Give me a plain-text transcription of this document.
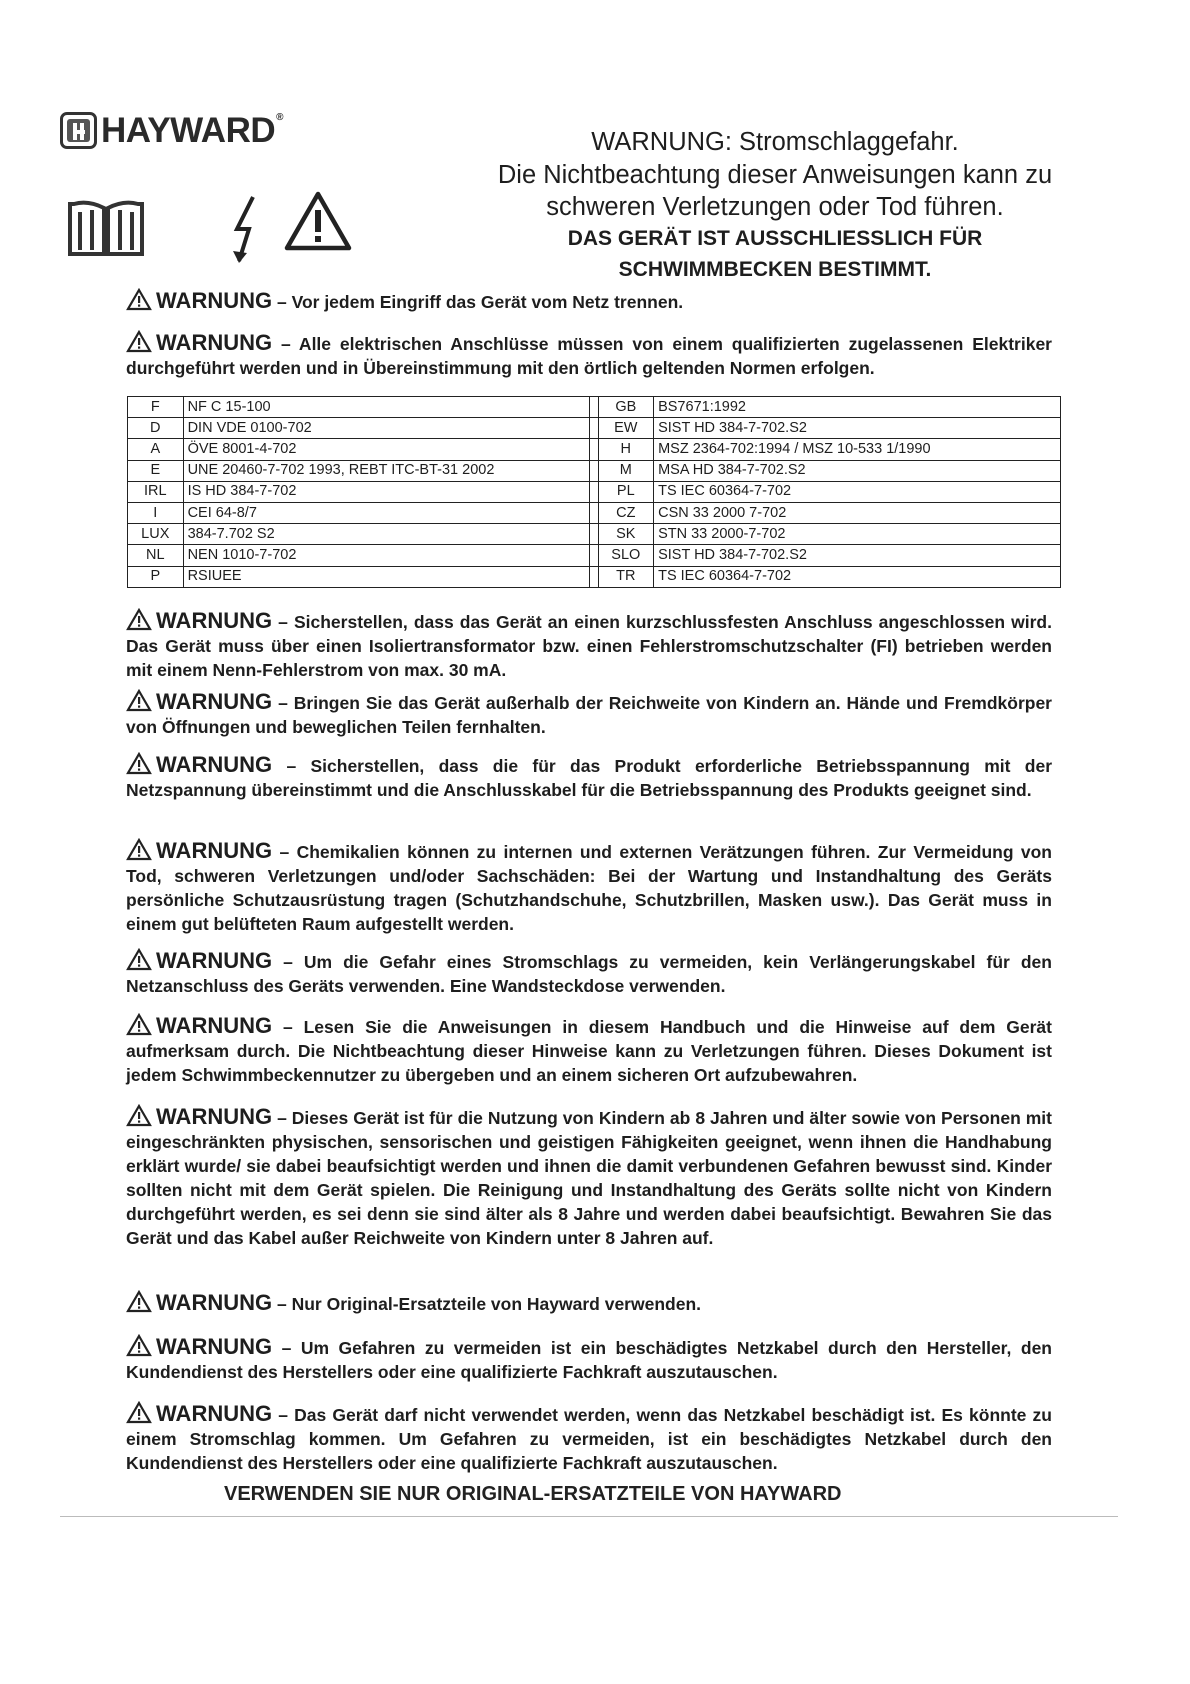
HAYWARD®
WARNUNG: Stromschlaggefahr.
Die Nichtbeachtung dieser Anweisungen kann zu
schweren Verletzungen oder Tod führen.
DAS GERÄT IST AUSSCHLIESSLICH FÜR
SCHWIMMBECKEN BESTIMMT.
WARNUNG – Vor jedem Eingriff das Gerät vom Netz trennen.
WARNUNG – Alle elektrischen Anschlüsse müssen von einem qualifizierten zugelassenen Elektriker durchgeführt werden und in Übereinstimmung mit den örtlich geltenden Normen erfolgen.
F	NF C 15-100		GB	BS7671:1992
D	DIN VDE 0100-702		EW	SIST HD 384-7-702.S2
A	ÖVE 8001-4-702		H	MSZ 2364-702:1994 / MSZ 10-533 1/1990
E	UNE 20460-7-702 1993, REBT ITC-BT-31 2002		M	MSA HD 384-7-702.S2
IRL	IS HD 384-7-702		PL	TS IEC 60364-7-702
I	CEI 64-8/7		CZ	CSN 33 2000 7-702
LUX	384-7.702 S2		SK	STN 33 2000-7-702
NL	NEN 1010-7-702		SLO	SIST HD 384-7-702.S2
P	RSIUEE		TR	TS IEC 60364-7-702
WARNUNG – Sicherstellen, dass das Gerät an einen kurzschlussfesten Anschluss angeschlossen wird. Das Gerät muss über einen Isoliertransformator bzw. einen Fehlerstromschutzschalter (FI) betrieben werden mit einem Nenn-Fehlerstrom von max. 30 mA.
WARNUNG – Bringen Sie das Gerät außerhalb der Reichweite von Kindern an. Hände und Fremdkörper von Öffnungen und beweglichen Teilen fernhalten.
WARNUNG – Sicherstellen, dass die für das Produkt erforderliche Betriebsspannung mit der Netzspannung übereinstimmt und die Anschlusskabel für die Betriebsspannung des Produkts geeignet sind.
WARNUNG – Chemikalien können zu internen und externen Verätzungen führen. Zur Vermeidung von Tod, schweren Verletzungen und/oder Sachschäden: Bei der Wartung und Instandhaltung des Geräts persönliche Schutzausrüstung tragen (Schutzhandschuhe, Schutzbrillen, Masken usw.). Das Gerät muss in einem gut belüfteten Raum aufgestellt werden.
WARNUNG – Um die Gefahr eines Stromschlags zu vermeiden, kein Verlängerungskabel für den Netzanschluss des Geräts verwenden. Eine Wandsteckdose verwenden.
WARNUNG – Lesen Sie die Anweisungen in diesem Handbuch und die Hinweise auf dem Gerät aufmerksam durch. Die Nichtbeachtung dieser Hinweise kann zu Verletzungen führen. Dieses Dokument ist jedem Schwimmbeckennutzer zu übergeben und an einem sicheren Ort aufzubewahren.
WARNUNG – Dieses Gerät ist für die Nutzung von Kindern ab 8 Jahren und älter sowie von Personen mit eingeschränkten physischen, sensorischen und geistigen Fähigkeiten geeignet, wenn ihnen die Handhabung erklärt wurde/ sie dabei beaufsichtigt werden und ihnen die damit verbundenen Gefahren bewusst sind. Kinder sollten nicht mit dem Gerät spielen. Die Reinigung und Instandhaltung des Geräts sollte nicht von Kindern durchgeführt werden, es sei denn sie sind älter als 8 Jahre und werden dabei beaufsichtigt. Bewahren Sie das Gerät und das Kabel außer Reichweite von Kindern unter 8 Jahren auf.
WARNUNG – Nur Original-Ersatzteile von Hayward verwenden.
WARNUNG – Um Gefahren zu vermeiden ist ein beschädigtes Netzkabel durch den Hersteller, den Kundendienst des Herstellers oder eine qualifizierte Fachkraft auszutauschen.
WARNUNG – Das Gerät darf nicht verwendet werden, wenn das Netzkabel beschädigt ist. Es könnte zu einem Stromschlag kommen. Um Gefahren zu vermeiden, ist ein beschädigtes Netzkabel durch den Kundendienst des Herstellers oder eine qualifizierte Fachkraft auszutauschen.
VERWENDEN SIE NUR ORIGINAL-ERSATZTEILE VON HAYWARD
